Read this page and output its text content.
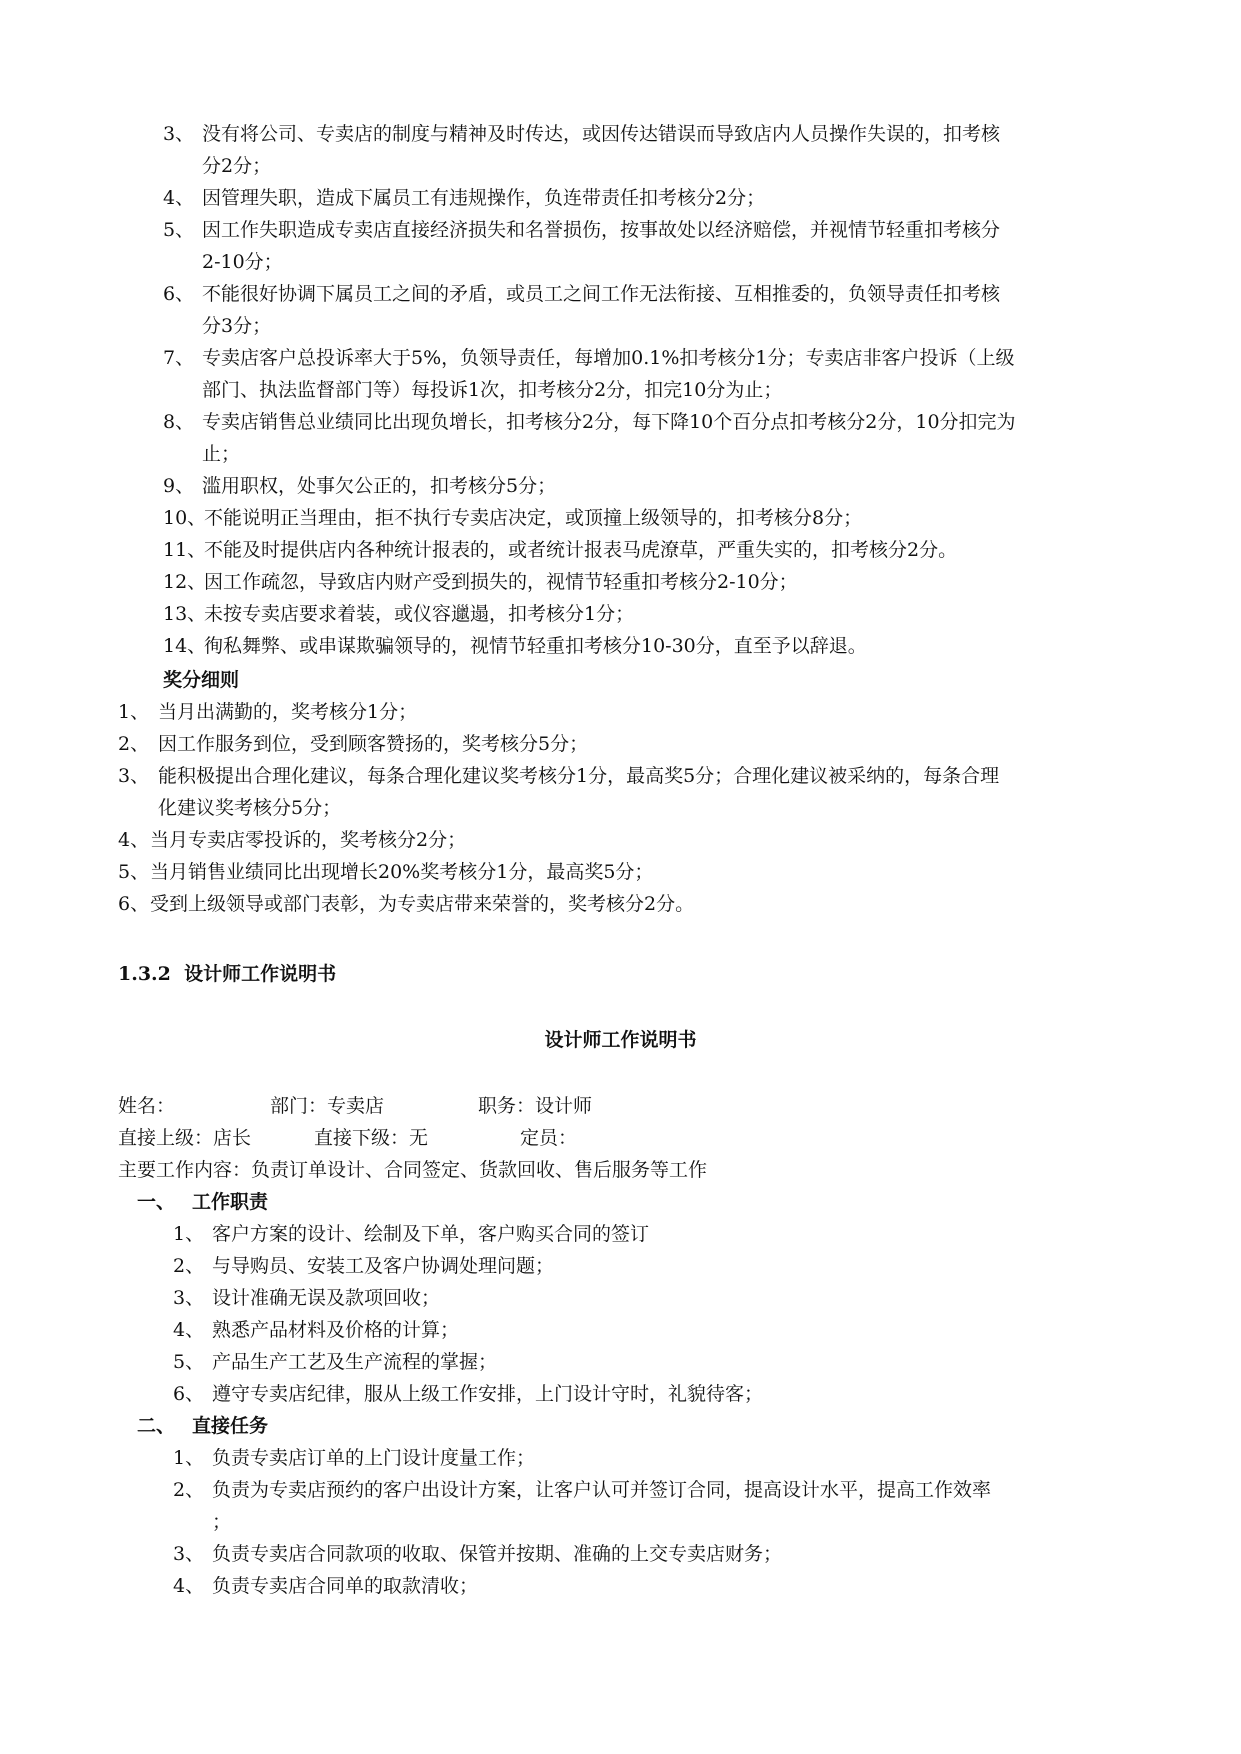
3、 没有将公司、专卖店的制度与精神及时传达，或因传达错误而导致店内人员操作失误的，扣考核
分2分；
4、 因管理失职，造成下属员工有违规操作，负连带责任扣考核分2分；
5、 因工作失职造成专卖店直接经济损失和名誉损伤，按事故处以经济赔偿，并视情节轻重扣考核分
2-10分；
6、 不能很好协调下属员工之间的矛盾，或员工之间工作无法衔接、互相推委的，负领导责任扣考核
分3分；
7、 专卖店客户总投诉率大于5%，负领导责任，每增加0.1%扣考核分1分；专卖店非客户投诉（上级
部门、执法监督部门等）每投诉1次，扣考核分2分，扣完10分为止；
8、 专卖店销售总业绩同比出现负增长，扣考核分2分，每下降10个百分点扣考核分2分，10分扣完为
止；
9、 滥用职权，处事欠公正的，扣考核分5分；
10、
不能说明正当理由，拒不执行专卖店决定，或顶撞上级领导的，扣考核分8分；
11、
不能及时提供店内各种统计报表的，或者统计报表马虎潦草，严重失实的，扣考核分2分。
12、
因工作疏忽，导致店内财产受到损失的，视情节轻重扣考核分2-10分；
13、
未按专卖店要求着装，或仪容邋遢，扣考核分1分；
14、
徇私舞弊、或串谋欺骗领导的，视情节轻重扣考核分10-30分，直至予以辞退。
奖分细则
1、 当月出满勤的，奖考核分1分；
2、 因工作服务到位，受到顾客赞扬的，奖考核分5分；
3、 能积极提出合理化建议，每条合理化建议奖考核分1分，最高奖5分；合理化建议被采纳的，每条合理
化建议奖考核分5分；
4、 当月专卖店零投诉的，奖考核分2分；
5、 当月销售业绩同比出现增长20%奖考核分1分，最高奖5分；
6、 受到上级领导或部门表彰，为专卖店带来荣誉的，奖考核分2分。
1.3.2 设计师工作说明书
设计师工作说明书
姓名：	部门：专卖店	职务：设计师
直接上级：店长	直接下级：无	定员：
主要工作内容：负责订单设计、合同签定、货款回收、售后服务等工作
一、 工作职责
1、 客户方案的设计、绘制及下单，客户购买合同的签订
2、 与导购员、安装工及客户协调处理问题；
3、 设计准确无误及款项回收；
4、 熟悉产品材料及价格的计算；
5、 产品生产工艺及生产流程的掌握；
6、 遵守专卖店纪律，服从上级工作安排，上门设计守时，礼貌待客；
二、 直接任务
1、 负责专卖店订单的上门设计度量工作；
2、 负责为专卖店预约的客户出设计方案，让客户认可并签订合同，提高设计水平，提高工作效率
；
3、 负责专卖店合同款项的收取、保管并按期、准确的上交专卖店财务；
4、 负责专卖店合同单的取款清收；
